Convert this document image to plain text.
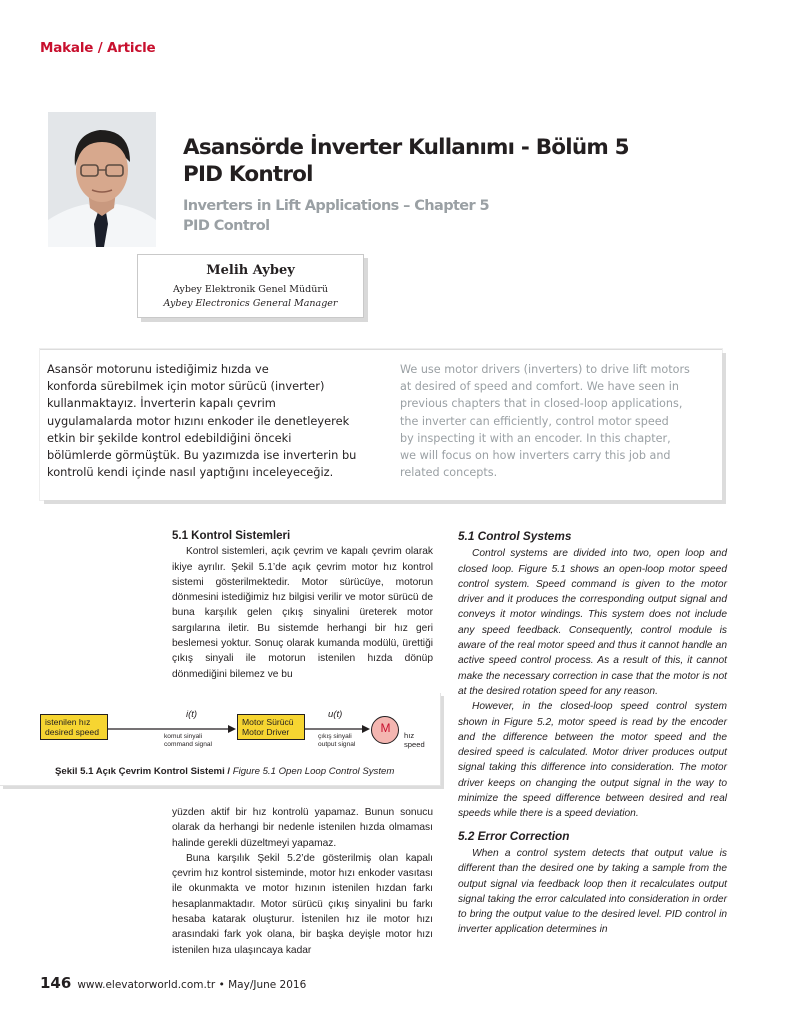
Makale / Article
Asansörde İnverter Kullanımı - Bölüm 5
PID Kontrol
Inverters in Lift Applications – Chapter 5
PID Control
Melih Aybey
Aybey Elektronik Genel Müdürü
Aybey Electronics General Manager
Asansör motorunu istediğimiz hızda ve
konforda sürebilmek için motor sürücü (inverter)
kullanmaktayız. İnverterin kapalı çevrim
uygulamalarda motor hızını enkoder ile denetleyerek
etkin bir şekilde kontrol edebildiğini önceki
bölümlerde görmüştük. Bu yazımızda ise inverterin bu
kontrolü kendi içinde nasıl yaptığını inceleyeceğiz.
We use motor drivers (inverters) to drive lift motors
at desired of speed and comfort. We have seen in
previous chapters that in closed-loop applications,
the inverter can efficiently, control motor speed
by inspecting it with an encoder. In this chapter,
we will focus on how inverters carry this job and
related concepts.
5.1 Kontrol Sistemleri

Kontrol sistemleri, açık çevrim ve kapalı çevrim olarak ikiye ayrılır. Şekil 5.1’de açık çevrim motor hız kontrol sistemi gösterilmektedir. Motor sürücüye, motorun dönmesini istediğimiz hız bilgisi verilir ve motor sürücü de buna karşılık gelen çıkış sinyalini üreterek motor sargılarına iletir. Bu sistemde herhangi bir hız geri beslemesi yoktur. Sonuç olarak kumanda modülü, ürettiği çıkış sinyali ile motorun istenilen hızda dönüp dönmediğini bilemez ve bu

istenilen hız
desired speed
i(t)
komut sinyali
command signal
Motor Sürücü
Motor Driver
u(t)
çıkış sinyali
output signal
M
hız
speed
Şekil 5.1 Açık Çevrim Kontrol Sistemi / Figure 5.1 Open Loop Control System

yüzden aktif bir hız kontrolü yapamaz. Bunun sonucu olarak da herhangi bir nedenle istenilen hızda olmaması halinde gerekli düzeltmeyi yapamaz.

Buna karşılık Şekil 5.2’de gösterilmiş olan kapalı çevrim hız kontrol sisteminde, motor hızı enkoder vasıtası ile okunmakta ve motor hızının istenilen hızdan farkı hesaplanmaktadır. Motor sürücü çıkış sinyalini bu farkı hesaba katarak oluşturur. İstenilen hız ile motor hızı arasındaki fark yok olana, bir başka deyişle motor hızı istenilen hıza ulaşıncaya kadar

5.1 Control Systems

Control systems are divided into two, open loop and closed loop. Figure 5.1 shows an open-loop motor speed control system. Speed command is given to the motor driver and it produces the corresponding output signal and conveys it motor windings. This system does not include any speed feedback. Consequently, control module is aware of the real motor speed and thus it cannot handle an active speed control process. As a result of this, it cannot make the necessary correction in case that the motor is not at the desired rotation speed for any reason.

However, in the closed-loop speed control system shown in Figure 5.2, motor speed is read by the encoder and the difference between the motor speed and the desired speed is calculated. Motor driver produces output signal taking this difference into consideration. The motor driver keeps on changing the output signal in the way to minimize the speed difference between desired and real speeds while there is a speed deviation.

5.2 Error Correction

When a control system detects that output value is different than the desired one by taking a sample from the output signal via feedback loop then it recalculates output signal taking the error calculated into consideration in order to bring the output value to the desired level. PID control in inverter application determines in

146 www.elevatorworld.com.tr • May/June 2016
